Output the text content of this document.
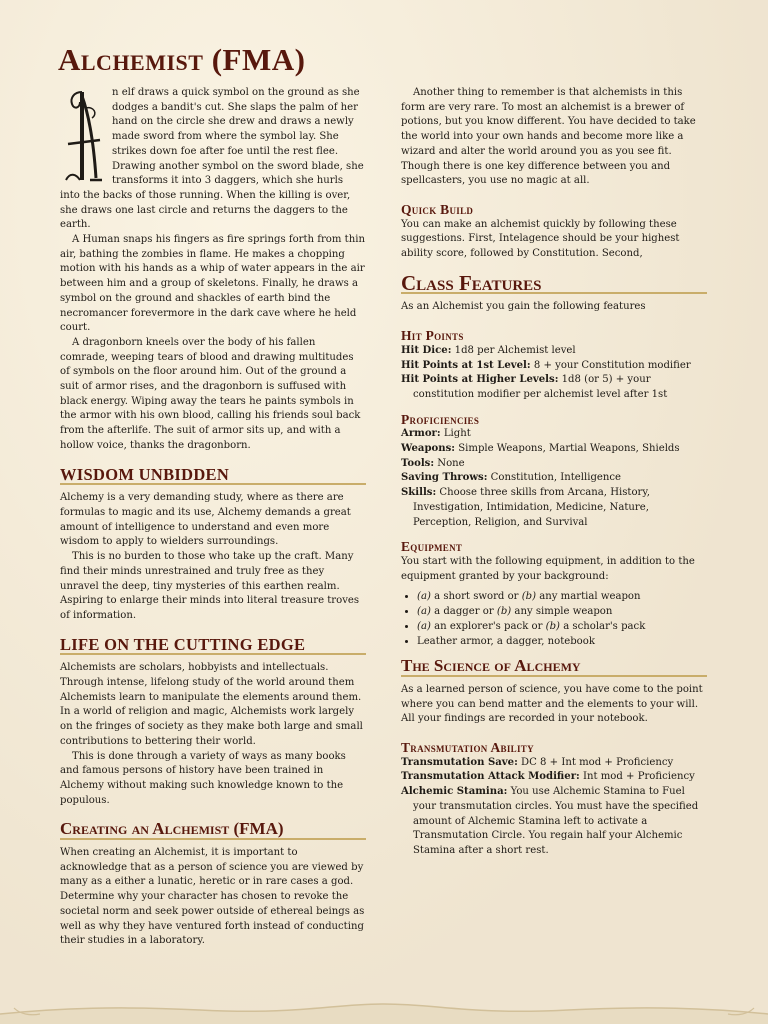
Alchemist (FMA)

n elf draws a quick symbol on the ground as she dodges a bandit's cut. She slaps the palm of her hand on the circle she drew and draws a newly made sword from where the symbol lay. She strikes down foe after foe until the rest flee. Drawing another symbol on the sword blade, she transforms it into 3 daggers, which she hurls into the backs of those running. When the killing is over, she draws one last circle and returns the daggers to the earth.

A Human snaps his fingers as fire springs forth from thin air, bathing the zombies in flame. He makes a chopping motion with his hands as a whip of water appears in the air between him and a group of skeletons. Finally, he draws a symbol on the ground and shackles of earth bind the necromancer forevermore in the dark cave where he held court.

A dragonborn kneels over the body of his fallen comrade, weeping tears of blood and drawing multitudes of symbols on the floor around him. Out of the ground a suit of armor rises, and the dragonborn is suffused with black energy. Wiping away the tears he paints symbols in the armor with his own blood, calling his friends soul back from the afterlife. The suit of armor sits up, and with a hollow voice, thanks the dragonborn.

WISDOM UNBIDDEN

Alchemy is a very demanding study, where as there are formulas to magic and its use, Alchemy demands a great amount of intelligence to understand and even more wisdom to apply to wielders surroundings.

This is no burden to those who take up the craft. Many find their minds unrestrained and truly free as they unravel the deep, tiny mysteries of this earthen realm. Aspiring to enlarge their minds into literal treasure troves of information.

LIFE ON THE CUTTING EDGE

Alchemists are scholars, hobbyists and intellectuals. Through intense, lifelong study of the world around them Alchemists learn to manipulate the elements around them. In a world of religion and magic, Alchemists work largely on the fringes of society as they make both large and small contributions to bettering their world.

This is done through a variety of ways as many books and famous persons of history have been trained in Alchemy without making such knowledge known to the populous.

Creating an Alchemist (FMA)

When creating an Alchemist, it is important to acknowledge that as a person of science you are viewed by many as a either a lunatic, heretic or in rare cases a god. Determine why your character has chosen to revoke the societal norm and seek power outside of ethereal beings as well as why they have ventured forth instead of conducting their studies in a laboratory.

Another thing to remember is that alchemists in this form are very rare. To most an alchemist is a brewer of potions, but you know different. You have decided to take the world into your own hands and become more like a wizard and alter the world around you as you see fit. Though there is one key difference between you and spellcasters, you use no magic at all.

Quick Build

You can make an alchemist quickly by following these suggestions. First, Intelagence should be your highest ability score, followed by Constitution. Second,

Class Features

As an Alchemist you gain the following features

Hit Points

Hit Dice: 1d8 per Alchemist level

Hit Points at 1st Level: 8 + your Constitution modifier

Hit Points at Higher Levels: 1d8 (or 5) + your constitution modifier per alchemist level after 1st

Proficiencies

Armor: Light

Weapons: Simple Weapons, Martial Weapons, Shields

Tools: None

Saving Throws: Constitution, Intelligence

Skills: Choose three skills from Arcana, History, Investigation, Intimidation, Medicine, Nature, Perception, Religion, and Survival

Equipment

You start with the following equipment, in addition to the equipment granted by your background:

• (a) a short sword or (b) any martial weapon
• (a) a dagger or (b) any simple weapon
• (a) an explorer's pack or (b) a scholar's pack
• Leather armor, a dagger, notebook
The Science of Alchemy

As a learned person of science, you have come to the point where you can bend matter and the elements to your will. All your findings are recorded in your notebook.

Transmutation Ability

Transmutation Save: DC 8 + Int mod + Proficiency

Transmutation Attack Modifier: Int mod + Proficiency

Alchemic Stamina: You use Alchemic Stamina to Fuel your transmutation circles. You must have the specified amount of Alchemic Stamina left to activate a Transmutation Circle. You regain half your Alchemic Stamina after a short rest.
